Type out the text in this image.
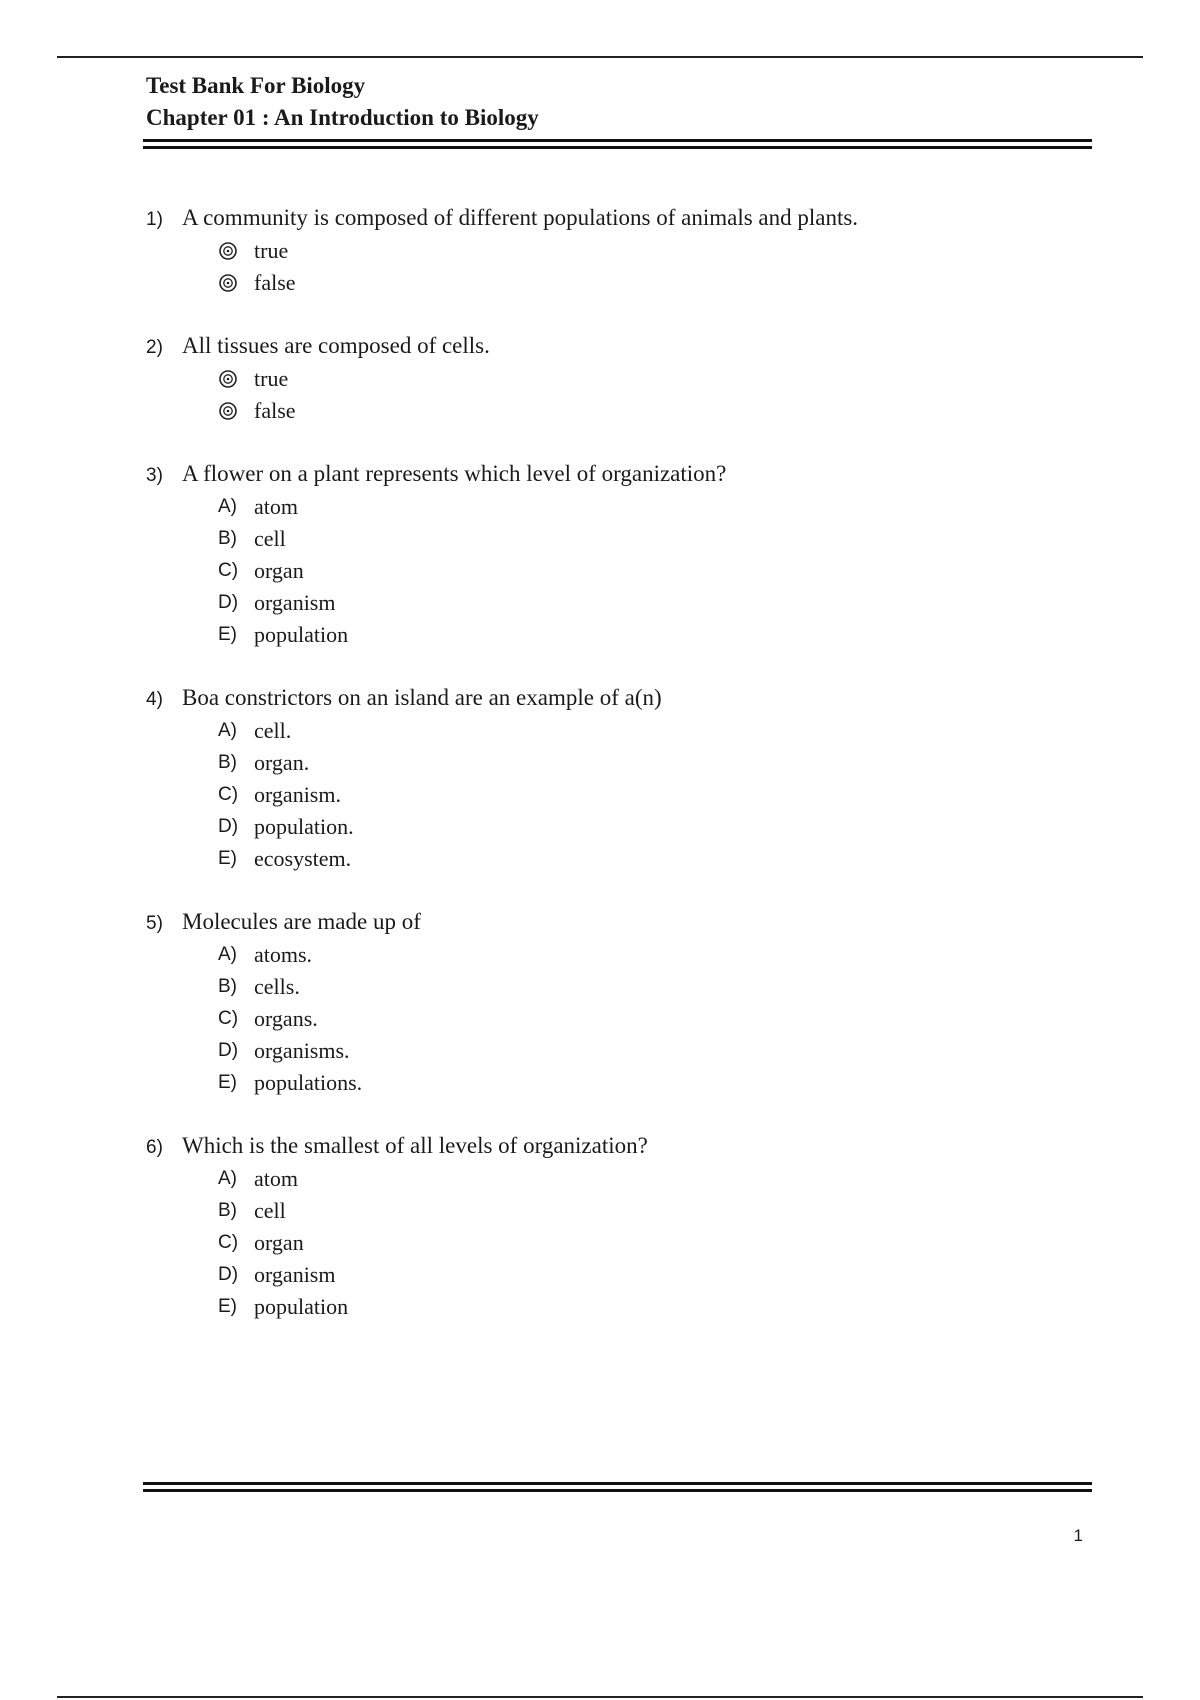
Test Bank For Biology

Chapter 01 : An Introduction to Biology

1) A community is composed of different populations of animals and plants.
true
false
2) All tissues are composed of cells.
true
false
3) A flower on a plant represents which level of organization?
A) atom
B) cell
C) organ
D) organism
E) population
4) Boa constrictors on an island are an example of a(n)
A) cell.
B) organ.
C) organism.
D) population.
E) ecosystem.
5) Molecules are made up of
A) atoms.
B) cells.
C) organs.
D) organisms.
E) populations.
6) Which is the smallest of all levels of organization?
A) atom
B) cell
C) organ
D) organism
E) population
1
